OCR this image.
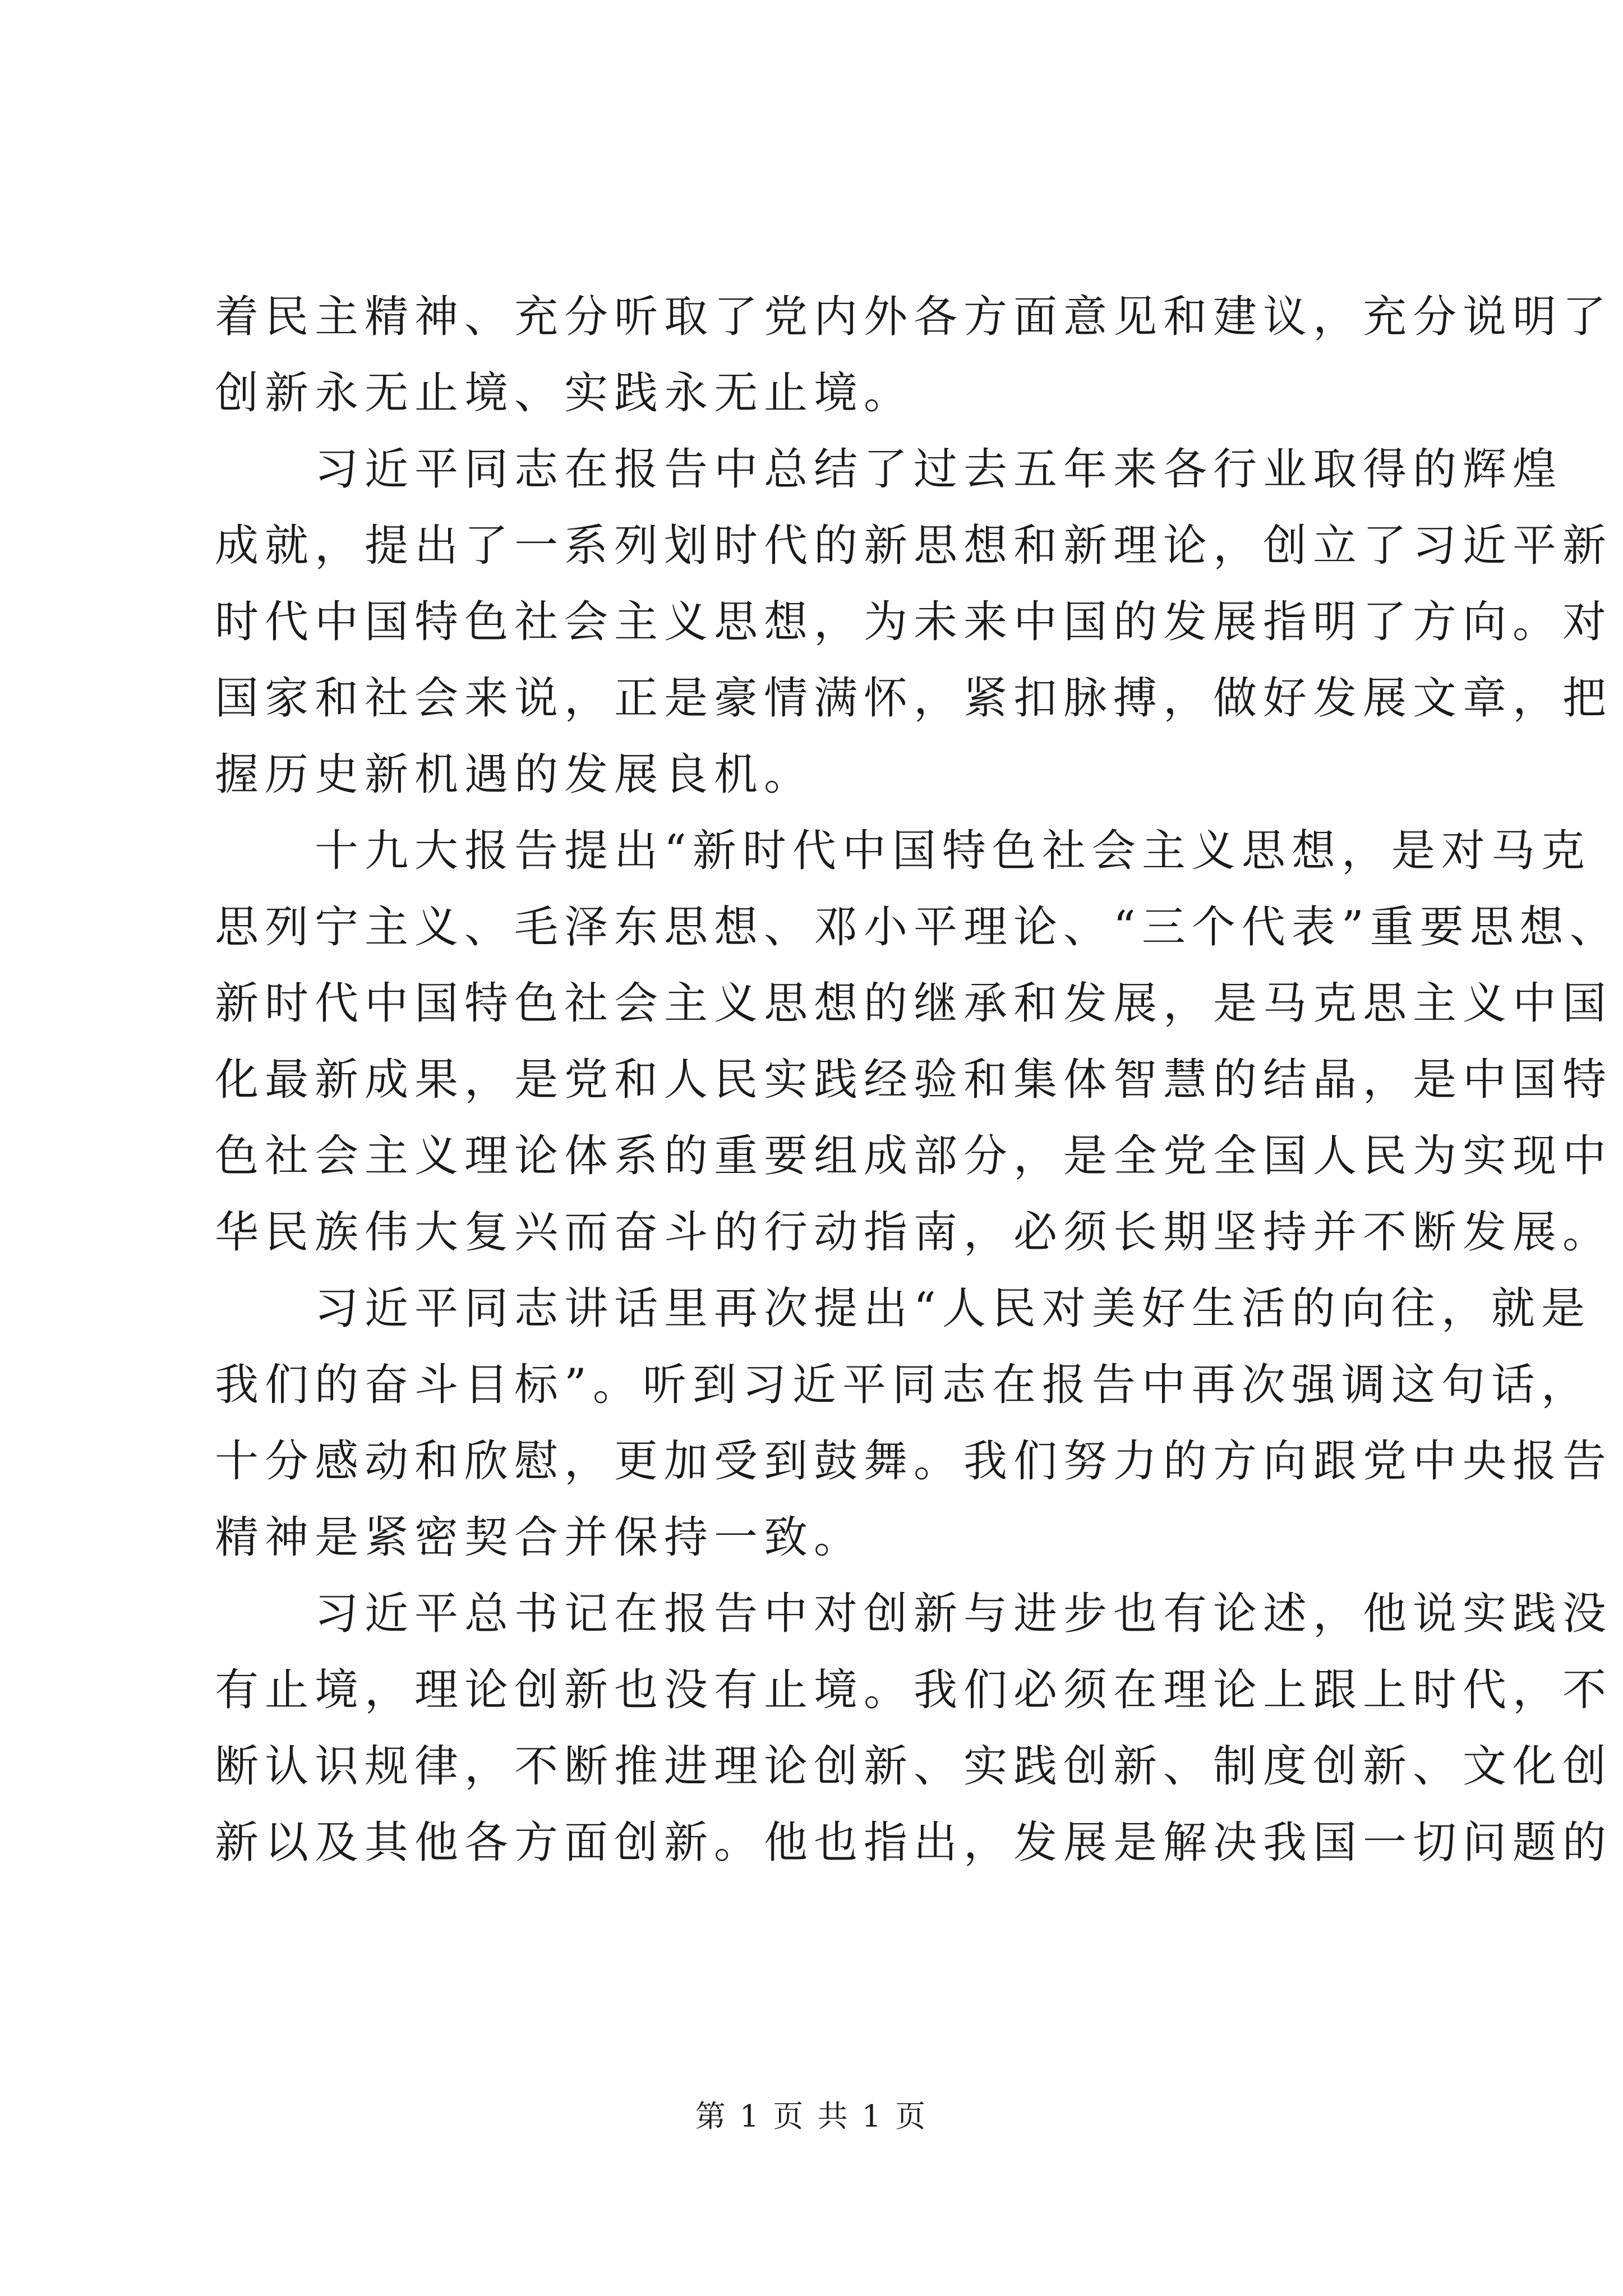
着民主精神、充分听取了党内外各方面意见和建议，充分说明了
创新永无止境、实践永无止境。
习近平同志在报告中总结了过去五年来各行业取得的辉煌
成就，提出了一系列划时代的新思想和新理论，创立了习近平新
时代中国特色社会主义思想，为未来中国的发展指明了方向。对
国家和社会来说，正是豪情满怀，紧扣脉搏，做好发展文章，把
握历史新机遇的发展良机。
十九大报告提出“新时代中国特色社会主义思想，是对马克
思列宁主义、毛泽东思想、邓小平理论、“三个代表”重要思想、
新时代中国特色社会主义思想的继承和发展，是马克思主义中国
化最新成果，是党和人民实践经验和集体智慧的结晶，是中国特
色社会主义理论体系的重要组成部分，是全党全国人民为实现中
华民族伟大复兴而奋斗的行动指南，必须长期坚持并不断发展。
习近平同志讲话里再次提出“人民对美好生活的向往，就是
我们的奋斗目标”。听到习近平同志在报告中再次强调这句话，
十分感动和欣慰，更加受到鼓舞。我们努力的方向跟党中央报告
精神是紧密契合并保持一致。
习近平总书记在报告中对创新与进步也有论述，他说实践没
有止境，理论创新也没有止境。我们必须在理论上跟上时代，不
断认识规律，不断推进理论创新、实践创新、制度创新、文化创
新以及其他各方面创新。他也指出，发展是解决我国一切问题的
第 1 页 共 1 页
